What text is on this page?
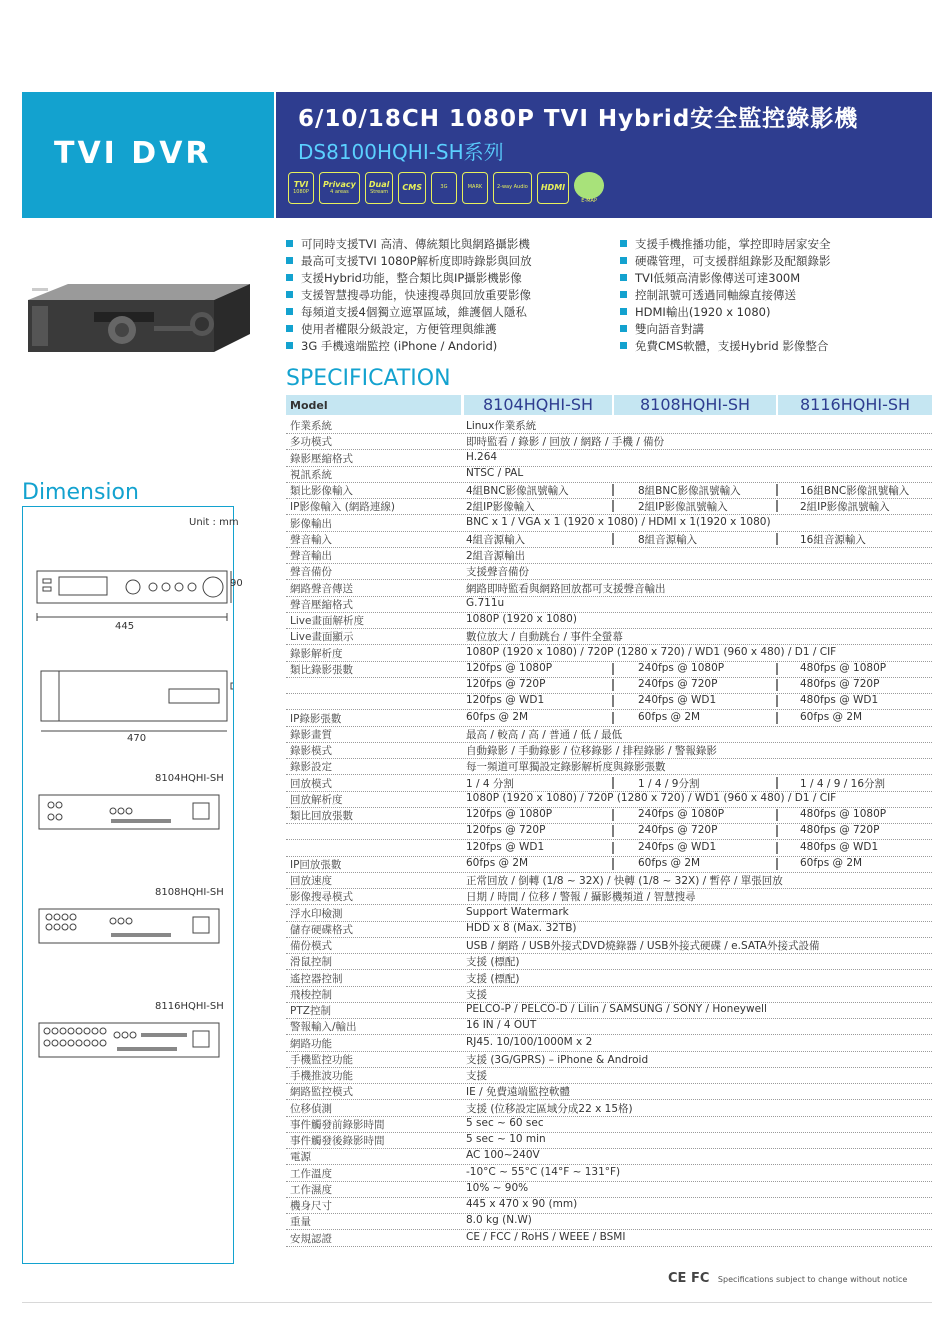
TVI DVR
6/10/18CH 1080P TVI Hybrid安全監控錄影機
DS8100HQHI-SH系列
TVI
1080P
Privacy
4 areas
Dual
Stream CMS	3G	MARK	2-way Audio HDMI
E-MAP
可同時支援TVI 高清、傳統類比與網路攝影機
最高可支援TVI 1080P解析度即時錄影與回放
支援Hybrid功能，整合類比與IP攝影機影像
支援智慧搜尋功能，快速搜尋與回放重要影像
每頻道支援4個獨立遮罩區域，維護個人隱私
使用者權限分級設定，方便管理與維護
3G 手機遠端監控 (iPhone / Andorid)
支援手機推播功能，掌控即時居家安全
硬碟管理，可支援群組錄影及配額錄影
TVI低頻高清影像傳送可達300M
控制訊號可透過同軸線直接傳送
HDMI輸出(1920 x 1080)
雙向語音對講
免費CMS軟體，支援Hybrid 影像整合
SPECIFICATION
Dimension
Unit : mm
90
445
470
8104HQHI-SH
8108HQHI-SH
8116HQHI-SH
Model	8104HQHI-SH	8108HQHI-SH	8116HQHI-SH
作業系統	Linux作業系統
多功模式	即時監看 / 錄影 / 回放 / 網路 / 手機 / 備份
錄影壓縮格式	H.264
視訊系統	NTSC / PAL
類比影像輸入	4組BNC影像訊號輸入	8組BNC影像訊號輸入	16組BNC影像訊號輸入
IP影像輸入 (網路連線)	2組IP影像輸入	2組IP影像訊號輸入	2組IP影像訊號輸入
影像輸出	BNC x 1 / VGA x 1 (1920 x 1080) / HDMI x 1(1920 x 1080)
聲音輸入	4組音源輸入	8組音源輸入	16組音源輸入
聲音輸出	2組音源輸出
聲音備份	支援聲音備份
網路聲音傳送	網路即時監看與網路回放都可支援聲音輸出
聲音壓縮格式	G.711u
Live畫面解析度	1080P (1920 x 1080)
Live畫面顯示	數位放大 / 自動跳台 / 事件全螢幕
錄影解析度	1080P (1920 x 1080) / 720P (1280 x 720) / WD1 (960 x 480) / D1 / CIF
類比錄影張數	120fps @ 1080P	240fps @ 1080P	480fps @ 1080P
120fps @ 720P	240fps @ 720P	480fps @ 720P
120fps @ WD1	240fps @ WD1	480fps @ WD1
IP錄影張數	60fps @ 2M	60fps @ 2M	60fps @ 2M
錄影畫質	最高 / 較高 / 高 / 普通 / 低 / 最低
錄影模式	自動錄影 / 手動錄影 / 位移錄影 / 排程錄影 / 警報錄影
錄影設定	每一頻道可單獨設定錄影解析度與錄影張數
回放模式	1 / 4 分割	1 / 4 / 9分割	1 / 4 / 9 / 16分割
回放解析度	1080P (1920 x 1080) / 720P (1280 x 720) / WD1 (960 x 480) / D1 / CIF
類比回放張數	120fps @ 1080P	240fps @ 1080P	480fps @ 1080P
120fps @ 720P	240fps @ 720P	480fps @ 720P
120fps @ WD1	240fps @ WD1	480fps @ WD1
IP回放張數	60fps @ 2M	60fps @ 2M	60fps @ 2M
回放速度	正常回放 / 倒轉 (1/8 ~ 32X) / 快轉 (1/8 ~ 32X) / 暫停 / 單張回放
影像搜尋模式	日期 / 時間 / 位移 / 警報 / 攝影機頻道 / 智慧搜尋
浮水印檢測	Support Watermark
儲存硬碟格式	HDD x 8 (Max. 32TB)
備份模式	USB / 網路 / USB外接式DVD燒錄器 / USB外接式硬碟 / e.SATA外接式設備
滑鼠控制	支援 (標配)
遙控器控制	支援 (標配)
飛梭控制	支援
PTZ控制	PELCO-P / PELCO-D / Lilin / SAMSUNG / SONY / Honeywell
警報輸入/輸出	16 IN / 4 OUT
網路功能	RJ45. 10/100/1000M x 2
手機監控功能	支援 (3G/GPRS) – iPhone & Android
手機推波功能	支援
網路監控模式	IE / 免費遠端監控軟體
位移偵測	支援 (位移設定區域分成22 x 15格)
事件觸發前錄影時間	5 sec ~ 60 sec
事件觸發後錄影時間	5 sec ~ 10 min
電源	AC 100~240V
工作溫度	-10°C ~ 55°C (14°F ~ 131°F)
工作濕度	10% ~ 90%
機身尺寸	445 x 470 x 90 (mm)
重量	8.0 kg (N.W)
安規認證	CE / FCC / RoHS / WEEE / BSMI
CE FC Specifications subject to change without notice
